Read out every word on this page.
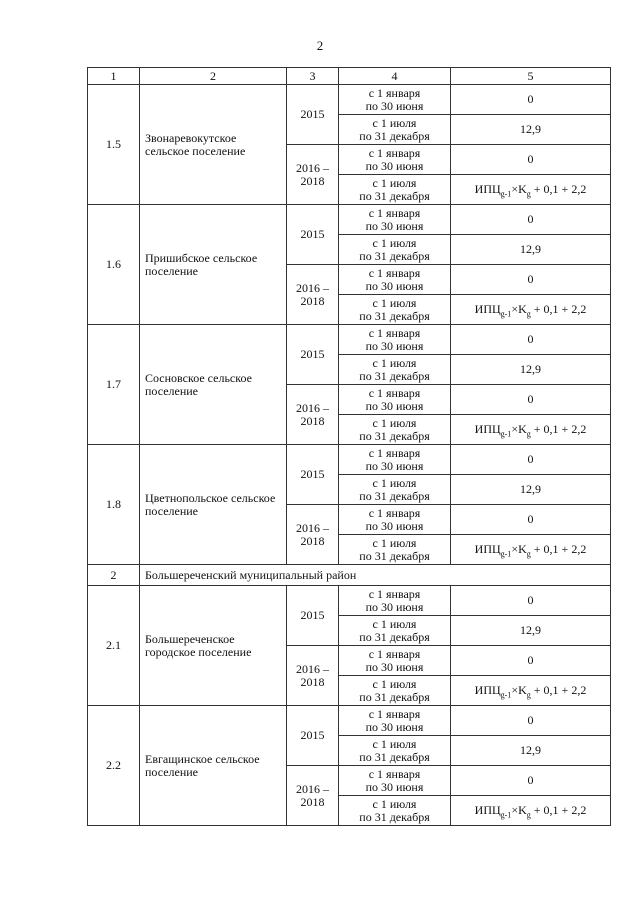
2
1	2	3	4	5
1.5	Звонаревокутское сельское поселение	2015	с 1 января
по 30 июня	0
			с 1 июля
по 31 декабря	12,9
		2016 – 2018	с 1 января
по 30 июня	0
			с 1 июля
по 31 декабря	$ИПЦ_{g-1}\times K_g + 0,1 + 2,2$
1.6	Пришибское сельское поселение	2015	с 1 января
по 30 июня	0
			с 1 июля
по 31 декабря	12,9
		2016 – 2018	с 1 января
по 30 июня	0
			с 1 июля
по 31 декабря	$ИПЦ_{g-1}\times K_g + 0,1 + 2,2$
1.7	Сосновское сельское поселение	2015	с 1 января
по 30 июня	0
			с 1 июля
по 31 декабря	12,9
		2016 – 2018	с 1 января
по 30 июня	0
			с 1 июля
по 31 декабря	$ИПЦ_{g-1}\times K_g + 0,1 + 2,2$
1.8	Цветнопольское сельское поселение	2015	с 1 января
по 30 июня	0
			с 1 июля
по 31 декабря	12,9
		2016 – 2018	с 1 января
по 30 июня	0
			с 1 июля
по 31 декабря	$ИПЦ_{g-1}\times K_g + 0,1 + 2,2$
2	Большереченский муниципальный район			
2.1	Большереченское городское поселение	2015	с 1 января
по 30 июня	0
			с 1 июля
по 31 декабря	12,9
		2016 – 2018	с 1 января
по 30 июня	0
			с 1 июля
по 31 декабря	$ИПЦ_{g-1}\times K_g + 0,1 + 2,2$
2.2	Евгащинское сельское поселение	2015	с 1 января
по 30 июня	0
			с 1 июля
по 31 декабря	12,9
		2016 – 2018	с 1 января
по 30 июня	0
			с 1 июля
по 31 декабря	$ИПЦ_{g-1}\times K_g + 0,1 + 2,2$
